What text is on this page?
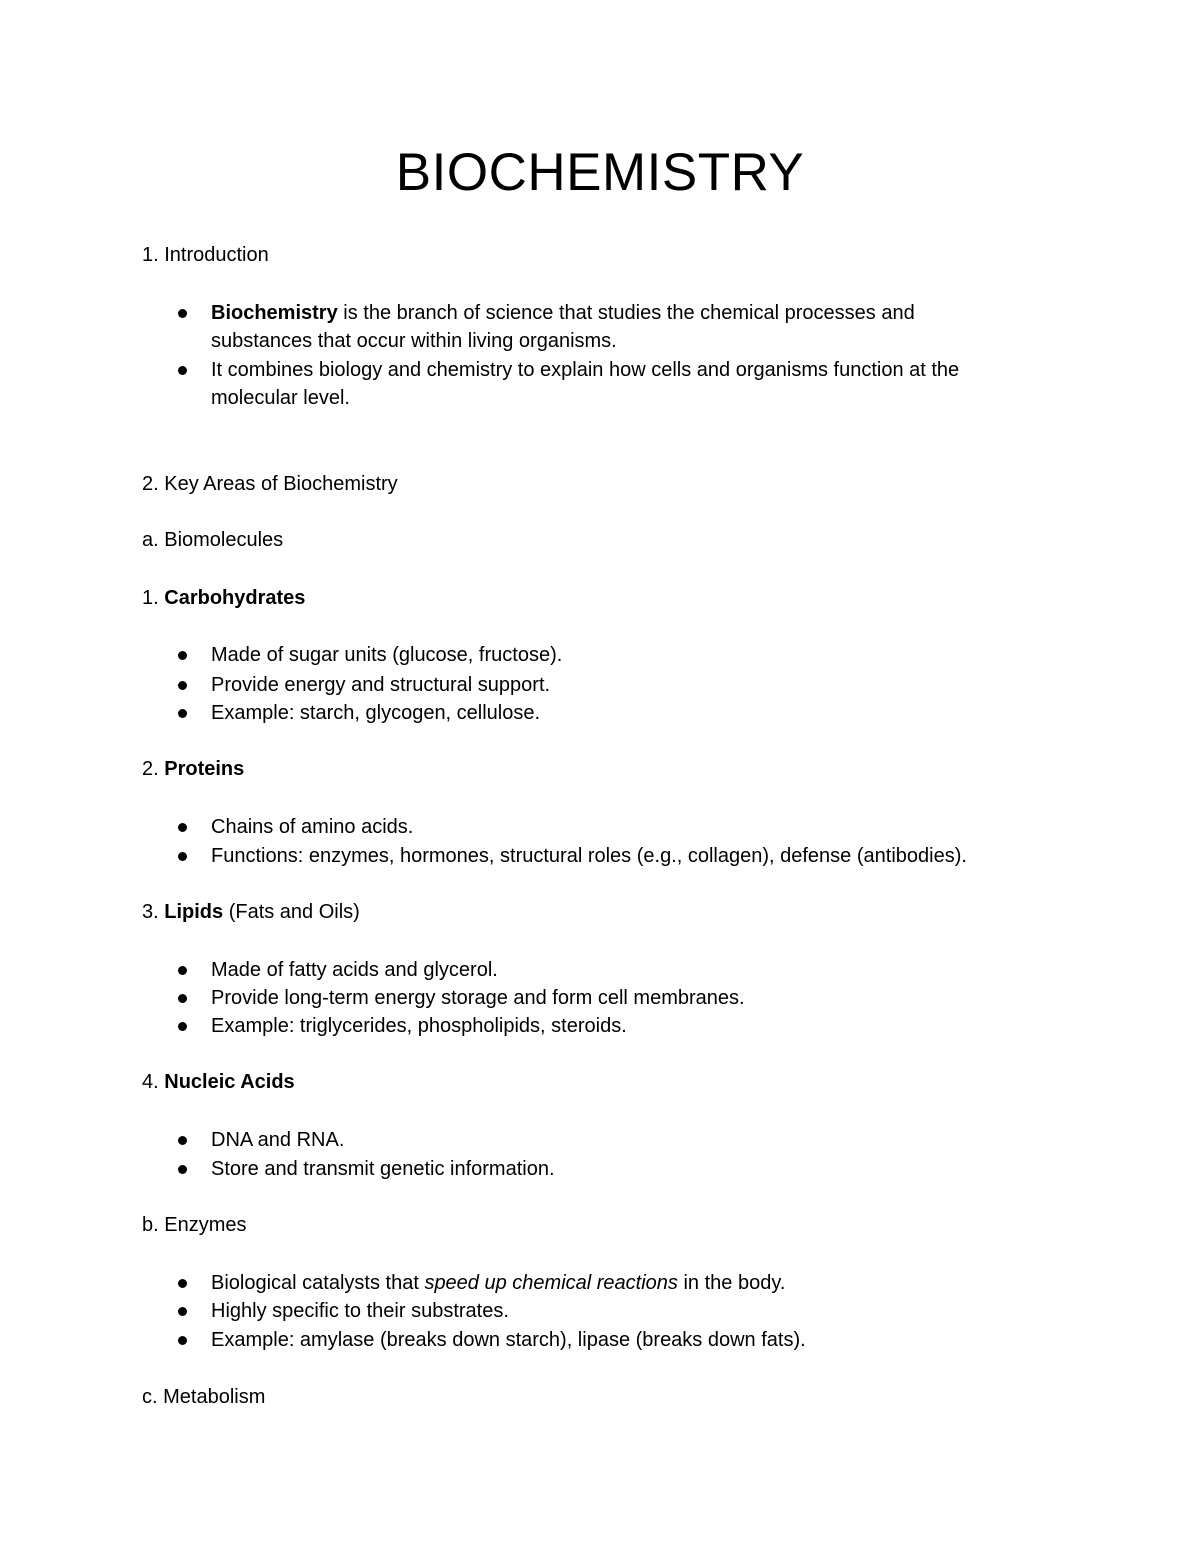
BIOCHEMISTRY
1. Introduction
Biochemistry is the branch of science that studies the chemical processes and
substances that occur within living organisms.
It combines biology and chemistry to explain how cells and organisms function at the
molecular level.
2. Key Areas of Biochemistry
a. Biomolecules
1. Carbohydrates
Made of sugar units (glucose, fructose).
Provide energy and structural support.
Example: starch, glycogen, cellulose.
2. Proteins
Chains of amino acids.
Functions: enzymes, hormones, structural roles (e.g., collagen), defense (antibodies).
3. Lipids (Fats and Oils)
Made of fatty acids and glycerol.
Provide long-term energy storage and form cell membranes.
Example: triglycerides, phospholipids, steroids.
4. Nucleic Acids
DNA and RNA.
Store and transmit genetic information.
b. Enzymes
Biological catalysts that speed up chemical reactions in the body.
Highly specific to their substrates.
Example: amylase (breaks down starch), lipase (breaks down fats).
c. Metabolism
